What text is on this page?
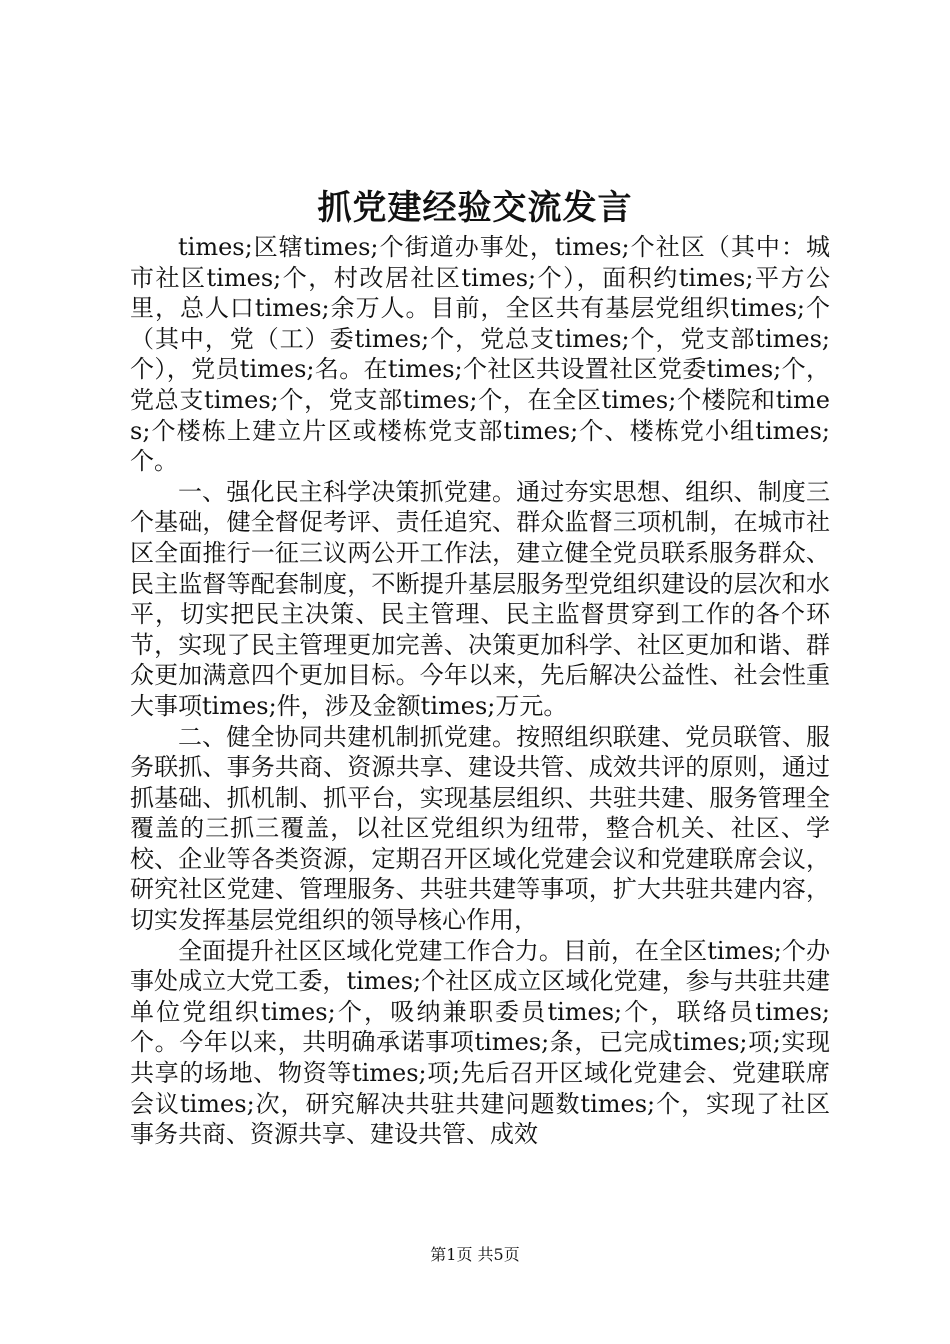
抓党建经验交流发言

times;区辖times;个街道办事处，times;个社区（其中：城市社区times;个，村改居社区times;个），面积约times;平方公里，总人口times;余万人。目前，全区共有基层党组织times;个（其中，党（工）委times;个，党总支times;个，党支部times;个），党员times;名。在times;个社区共设置社区党委times;个，党总支times;个，党支部times;个，在全区times;个楼院和times;个楼栋上建立片区或楼栋党支部times;个、楼栋党小组times;个。

一、强化民主科学决策抓党建。通过夯实思想、组织、制度三个基础，健全督促考评、责任追究、群众监督三项机制，在城市社区全面推行一征三议两公开工作法，建立健全党员联系服务群众、民主监督等配套制度，不断提升基层服务型党组织建设的层次和水平，切实把民主决策、民主管理、民主监督贯穿到工作的各个环节，实现了民主管理更加完善、决策更加科学、社区更加和谐、群众更加满意四个更加目标。今年以来，先后解决公益性、社会性重大事项times;件，涉及金额times;万元。

二、健全协同共建机制抓党建。按照组织联建、党员联管、服务联抓、事务共商、资源共享、建设共管、成效共评的原则，通过抓基础、抓机制、抓平台，实现基层组织、共驻共建、服务管理全覆盖的三抓三覆盖，以社区党组织为纽带，整合机关、社区、学校、企业等各类资源，定期召开区域化党建会议和党建联席会议，研究社区党建、管理服务、共驻共建等事项，扩大共驻共建内容，切实发挥基层党组织的领导核心作用，

全面提升社区区域化党建工作合力。目前，在全区times;个办事处成立大党工委，times;个社区成立区域化党建，参与共驻共建单位党组织times;个，吸纳兼职委员times;个，联络员times;个。今年以来，共明确承诺事项times;条，已完成times;项;实现共享的场地、物资等times;项;先后召开区域化党建会、党建联席会议times;次，研究解决共驻共建问题数times;个，实现了社区事务共商、资源共享、建设共管、成效

第1页 共5页
